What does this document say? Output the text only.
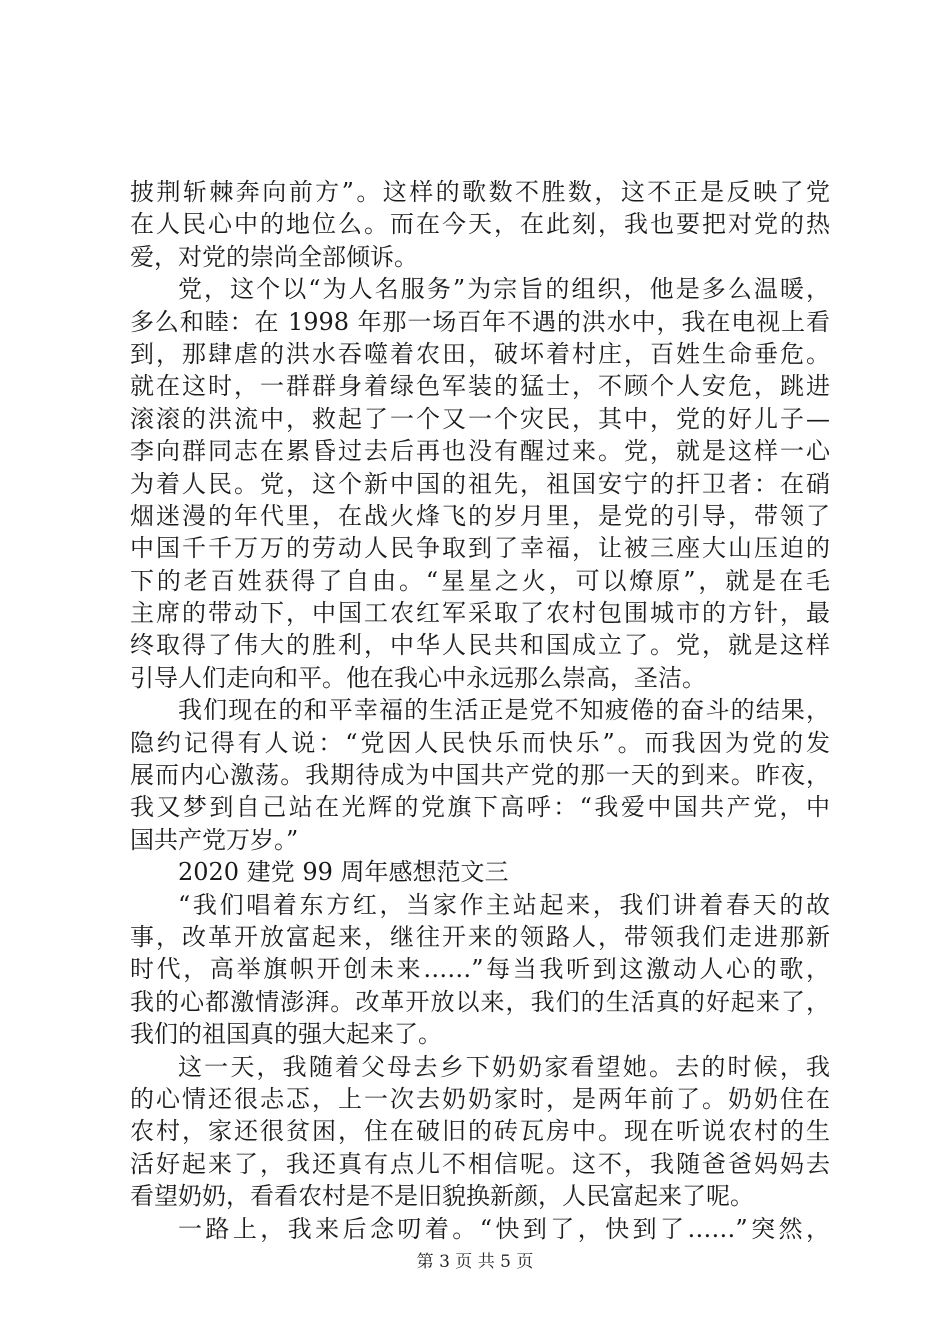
披荆斩棘奔向前方”。这样的歌数不胜数，这不正是反映了党
在人民心中的地位么。而在今天，在此刻，我也要把对党的热
爱，对党的崇尚全部倾诉。
党，这个以“为人名服务”为宗旨的组织，他是多么温暖，
多么和睦：在 1998 年那一场百年不遇的洪水中，我在电视上看
到，那肆虐的洪水吞噬着农田，破坏着村庄，百姓生命垂危。
就在这时，一群群身着绿色军装的猛士，不顾个人安危，跳进
滚滚的洪流中，救起了一个又一个灾民，其中，党的好儿子—
李向群同志在累昏过去后再也没有醒过来。党，就是这样一心
为着人民。党，这个新中国的祖先，祖国安宁的扞卫者：在硝
烟迷漫的年代里，在战火烽飞的岁月里，是党的引导，带领了
中国千千万万的劳动人民争取到了幸福，让被三座大山压迫的
下的老百姓获得了自由。“星星之火，可以燎原”，就是在毛
主席的带动下，中国工农红军采取了农村包围城市的方针，最
终取得了伟大的胜利，中华人民共和国成立了。党，就是这样
引导人们走向和平。他在我心中永远那么崇高，圣洁。
我们现在的和平幸福的生活正是党不知疲倦的奋斗的结果，
隐约记得有人说：“党因人民快乐而快乐”。而我因为党的发
展而内心激荡。我期待成为中国共产党的那一天的到来。昨夜，
我又梦到自己站在光辉的党旗下高呼：“我爱中国共产党，中
国共产党万岁。”
2020 建党 99 周年感想范文三
“我们唱着东方红，当家作主站起来，我们讲着春天的故
事，改革开放富起来，继往开来的领路人，带领我们走进那新
时代，高举旗帜开创未来……”每当我听到这激动人心的歌，
我的心都激情澎湃。改革开放以来，我们的生活真的好起来了，
我们的祖国真的强大起来了。
这一天，我随着父母去乡下奶奶家看望她。去的时候，我
的心情还很忐忑，上一次去奶奶家时，是两年前了。奶奶住在
农村，家还很贫困，住在破旧的砖瓦房中。现在听说农村的生
活好起来了，我还真有点儿不相信呢。这不，我随爸爸妈妈去
看望奶奶，看看农村是不是旧貌换新颜，人民富起来了呢。
一路上，我来后念叨着。“快到了，快到了……”突然，
第 3 页 共 5 页
